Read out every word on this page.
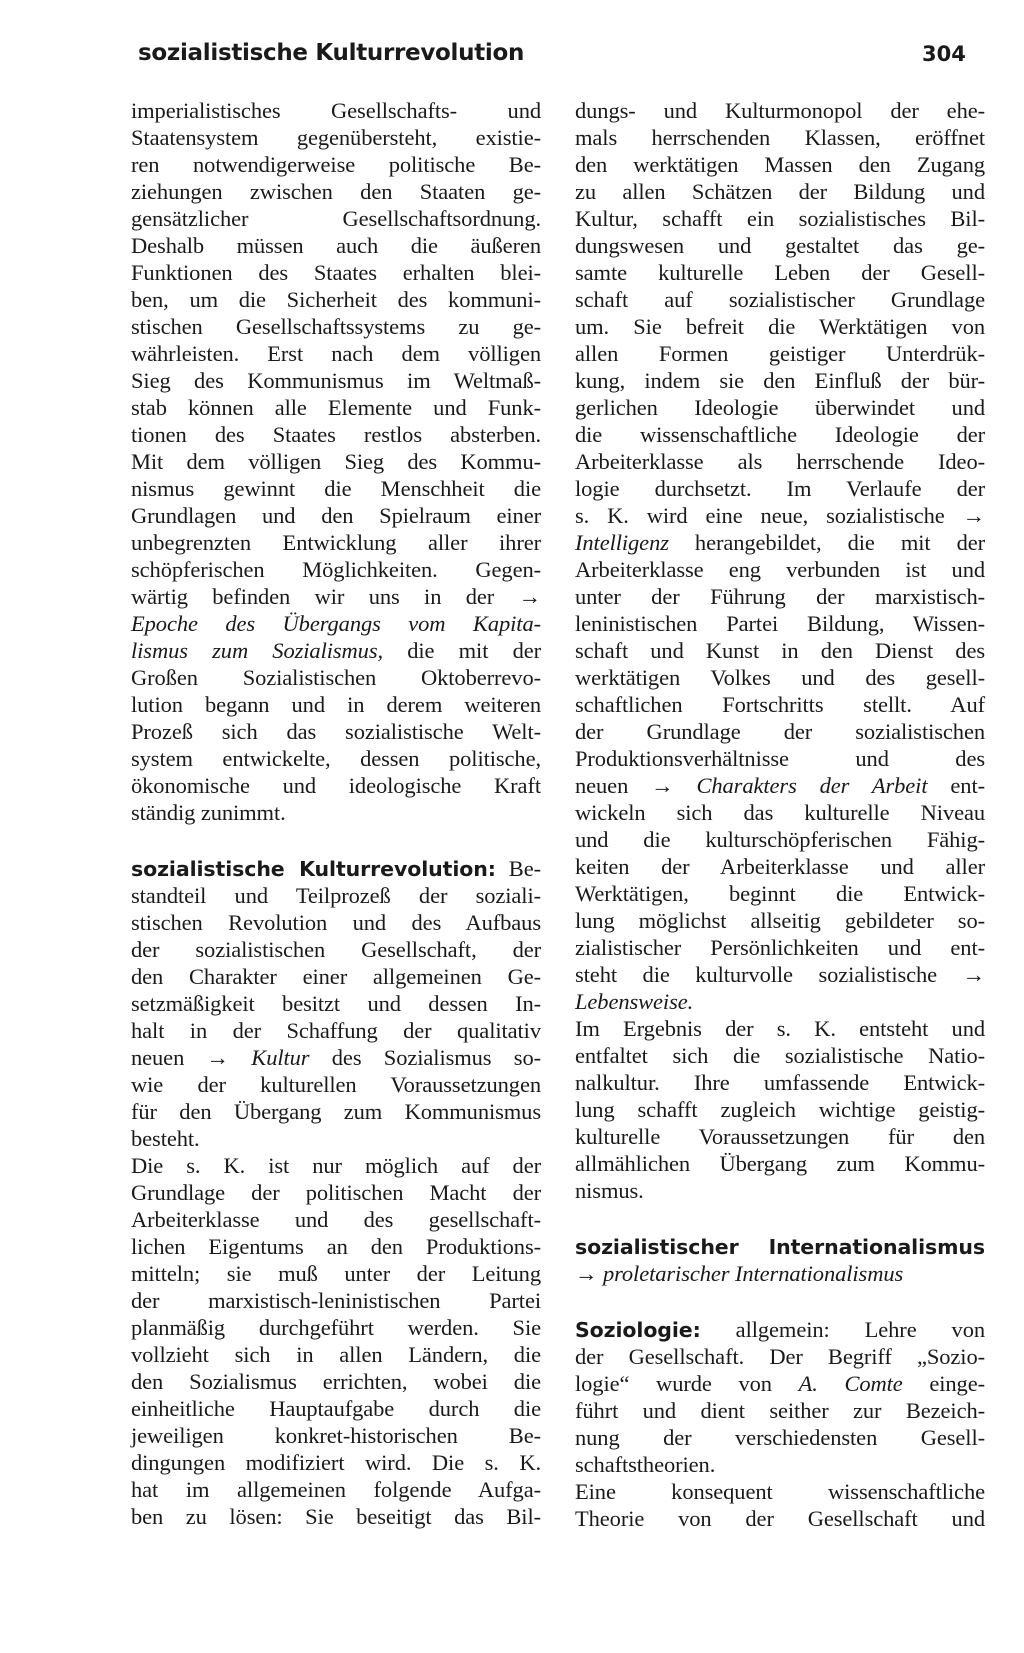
sozialistische Kulturrevolution	304
imperialistisches Gesellschafts- und
Staatensystem gegenübersteht, existie-
ren notwendigerweise politische Be-
ziehungen zwischen den Staaten ge-
gensätzlicher Gesellschaftsordnung.
Deshalb müssen auch die äußeren
Funktionen des Staates erhalten blei-
ben, um die Sicherheit des kommuni-
stischen Gesellschaftssystems zu ge-
währleisten. Erst nach dem völligen
Sieg des Kommunismus im Weltmaß-
stab können alle Elemente und Funk-
tionen des Staates restlos absterben.
Mit dem völligen Sieg des Kommu-
nismus gewinnt die Menschheit die
Grundlagen und den Spielraum einer
unbegrenzten Entwicklung aller ihrer
schöpferischen Möglichkeiten. Gegen-
wärtig befinden wir uns in der →
Epoche des Übergangs vom Kapita-
lismus zum Sozialismus, die mit der
Großen Sozialistischen Oktoberrevo-
lution begann und in derem weiteren
Prozeß sich das sozialistische Welt-
system entwickelte, dessen politische,
ökonomische und ideologische Kraft
ständig zunimmt.
sozialistische Kulturrevolution: Be-
standteil und Teilprozeß der soziali-
stischen Revolution und des Aufbaus
der sozialistischen Gesellschaft, der
den Charakter einer allgemeinen Ge-
setzmäßigkeit besitzt und dessen In-
halt in der Schaffung der qualitativ
neuen → Kultur des Sozialismus so-
wie der kulturellen Voraussetzungen
für den Übergang zum Kommunismus
besteht.
Die s. K. ist nur möglich auf der
Grundlage der politischen Macht der
Arbeiterklasse und des gesellschaft-
lichen Eigentums an den Produktions-
mitteln; sie muß unter der Leitung
der marxistisch-leninistischen Partei
planmäßig durchgeführt werden. Sie
vollzieht sich in allen Ländern, die
den Sozialismus errichten, wobei die
einheitliche Hauptaufgabe durch die
jeweiligen konkret-historischen Be-
dingungen modifiziert wird. Die s. K.
hat im allgemeinen folgende Aufga-
ben zu lösen: Sie beseitigt das Bil-
dungs- und Kulturmonopol der ehe-
mals herrschenden Klassen, eröffnet
den werktätigen Massen den Zugang
zu allen Schätzen der Bildung und
Kultur, schafft ein sozialistisches Bil-
dungswesen und gestaltet das ge-
samte kulturelle Leben der Gesell-
schaft auf sozialistischer Grundlage
um. Sie befreit die Werktätigen von
allen Formen geistiger Unterdrük-
kung, indem sie den Einfluß der bür-
gerlichen Ideologie überwindet und
die wissenschaftliche Ideologie der
Arbeiterklasse als herrschende Ideo-
logie durchsetzt. Im Verlaufe der
s. K. wird eine neue, sozialistische →
Intelligenz herangebildet, die mit der
Arbeiterklasse eng verbunden ist und
unter der Führung der marxistisch-
leninistischen Partei Bildung, Wissen-
schaft und Kunst in den Dienst des
werktätigen Volkes und des gesell-
schaftlichen Fortschritts stellt. Auf
der Grundlage der sozialistischen
Produktionsverhältnisse und des
neuen → Charakters der Arbeit ent-
wickeln sich das kulturelle Niveau
und die kulturschöpferischen Fähig-
keiten der Arbeiterklasse und aller
Werktätigen, beginnt die Entwick-
lung möglichst allseitig gebildeter so-
zialistischer Persönlichkeiten und ent-
steht die kulturvolle sozialistische →
Lebensweise.
Im Ergebnis der s. K. entsteht und
entfaltet sich die sozialistische Natio-
nalkultur. Ihre umfassende Entwick-
lung schafft zugleich wichtige geistig-
kulturelle Voraussetzungen für den
allmählichen Übergang zum Kommu-
nismus.
sozialistischer Internationalismus
→ proletarischer Internationalismus
Soziologie: allgemein: Lehre von
der Gesellschaft. Der Begriff „Sozio-
logie“ wurde von A. Comte einge-
führt und dient seither zur Bezeich-
nung der verschiedensten Gesell-
schaftstheorien.
Eine konsequent wissenschaftliche
Theorie von der Gesellschaft und
